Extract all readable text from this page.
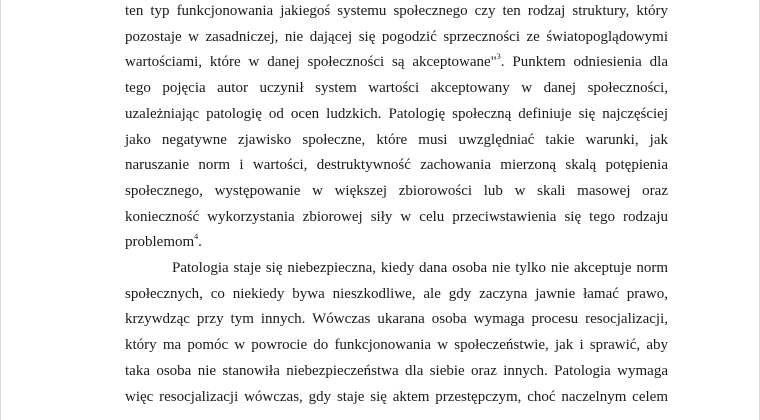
ten typ funkcjonowania jakiegoś systemu społecznego czy ten rodzaj struktury, który
pozostaje w zasadniczej, nie dającej się pogodzić sprzeczności ze światopoglądowymi
wartościami, które w danej społeczności są akceptowane"$^3$. Punktem odniesienia dla
tego pojęcia autor uczynił system wartości akceptowany w danej społeczności,
uzależniając patologię od ocen ludzkich. Patologię społeczną definiuje się najczęściej
jako negatywne zjawisko społeczne, które musi uwzględniać takie warunki, jak
naruszanie norm i wartości, destruktywność zachowania mierzoną skalą potępienia
społecznego, występowanie w większej zbiorowości lub w skali masowej oraz
konieczność wykorzystania zbiorowej siły w celu przeciwstawienia się tego rodzaju
problemom$^4$.
Patologia staje się niebezpieczna, kiedy dana osoba nie tylko nie akceptuje norm
społecznych, co niekiedy bywa nieszkodliwe, ale gdy zaczyna jawnie łamać prawo,
krzywdząc przy tym innych. Wówczas ukarana osoba wymaga procesu resocjalizacji,
który ma pomóc w powrocie do funkcjonowania w społeczeństwie, jak i sprawić, aby
taka osoba nie stanowiła niebezpieczeństwa dla siebie oraz innych. Patologia wymaga
więc resocjalizacji wówczas, gdy staje się aktem przestępczym, choć naczelnym celem
